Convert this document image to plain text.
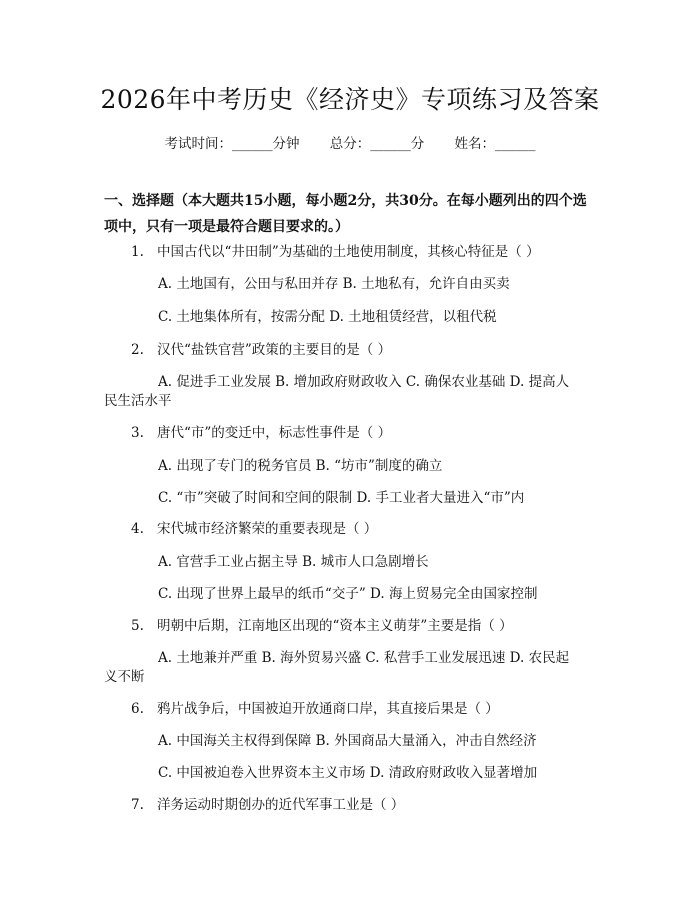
2026年中考历史《经济史》专项练习及答案
考试时间：______分钟 总分：______分 姓名：______
一、选择题（本大题共15小题，每小题2分，共30分。在每小题列出的四个选项中，只有一项是最符合题目要求的。）
1. 中国古代以“井田制”为基础的土地使用制度，其核心特征是（ ）
A. 土地国有，公田与私田并存 B. 土地私有，允许自由买卖
C. 土地集体所有，按需分配 D. 土地租赁经营，以租代税
2. 汉代“盐铁官营”政策的主要目的是（ ）
A. 促进手工业发展 B. 增加政府财政收入 C. 确保农业基础 D. 提高人
民生活水平
3. 唐代“市”的变迁中，标志性事件是（ ）
A. 出现了专门的税务官员 B. “坊市”制度的确立
C. “市”突破了时间和空间的限制 D. 手工业者大量进入“市”内
4. 宋代城市经济繁荣的重要表现是（ ）
A. 官营手工业占据主导 B. 城市人口急剧增长
C. 出现了世界上最早的纸币“交子” D. 海上贸易完全由国家控制
5. 明朝中后期，江南地区出现的“资本主义萌芽”主要是指（ ）
A. 土地兼并严重 B. 海外贸易兴盛 C. 私营手工业发展迅速 D. 农民起
义不断
6. 鸦片战争后，中国被迫开放通商口岸，其直接后果是（ ）
A. 中国海关主权得到保障 B. 外国商品大量涌入，冲击自然经济
C. 中国被迫卷入世界资本主义市场 D. 清政府财政收入显著增加
7. 洋务运动时期创办的近代军事工业是（ ）
